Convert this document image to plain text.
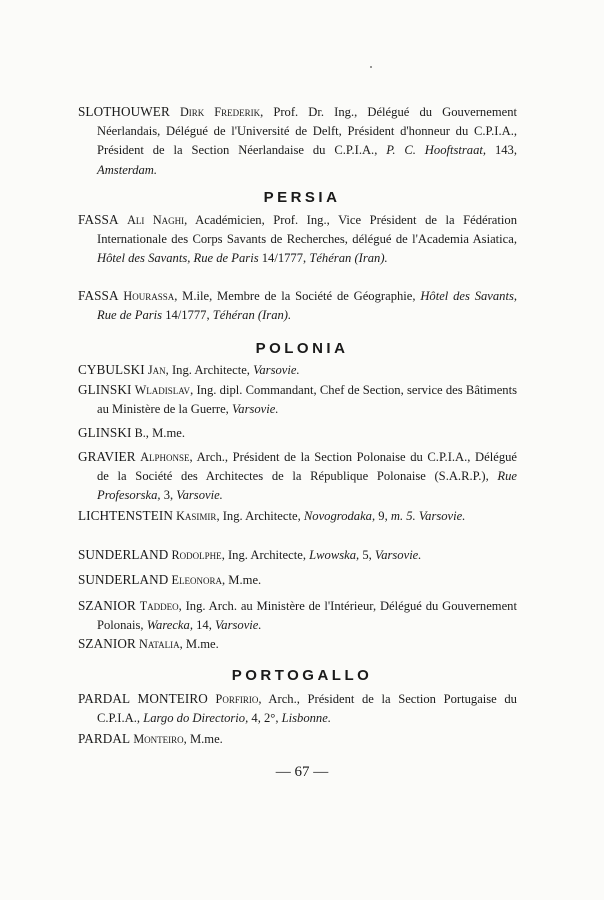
SLOTHOUWER Dirk Frederik, Prof. Dr. Ing., Délégué du Gouvernement Néerlandais, Délégué de l'Université de Delft, Président d'honneur du C.P.I.A., Président de la Section Néerlandaise du C.P.I.A., P. C. Hooftstraat, 143, Amsterdam.

PERSIA

FASSA Ali Naghi, Académicien, Prof. Ing., Vice Président de la Fédération Internationale des Corps Savants de Recherches, délégué de l'Academia Asiatica, Hôtel des Savants, Rue de Paris 14/1777, Téhéran (Iran).

FASSA Hourassa, M.ile, Membre de la Société de Géographie, Hôtel des Savants, Rue de Paris 14/1777, Téhéran (Iran).

POLONIA

CYBULSKI Jan, Ing. Architecte, Varsovie.

GLINSKI Wladislav, Ing. dipl. Commandant, Chef de Section, service des Bâtiments au Ministère de la Guerre, Varsovie.

GLINSKI B., M.me.

GRAVIER Alphonse, Arch., Président de la Section Polonaise du C.P.I.A., Délégué de la Société des Architectes de la République Polonaise (S.A.R.P.), Rue Profesorska, 3, Varsovie.

LICHTENSTEIN Kasimir, Ing. Architecte, Novogrodaka, 9, m. 5. Varsovie.

SUNDERLAND Rodolphe, Ing. Architecte, Lwowska, 5, Varsovie.

SUNDERLAND Eleonora, M.me.

SZANIOR Taddeo, Ing. Arch. au Ministère de l'Intérieur, Délégué du Gouvernement Polonais, Warecka, 14, Varsovie.

SZANIOR Natalia, M.me.

PORTOGALLO

PARDAL MONTEIRO Porfirio, Arch., Président de la Section Portugaise du C.P.I.A., Largo do Directorio, 4, 2°, Lisbonne.

PARDAL Monteiro, M.me.

— 67 —
